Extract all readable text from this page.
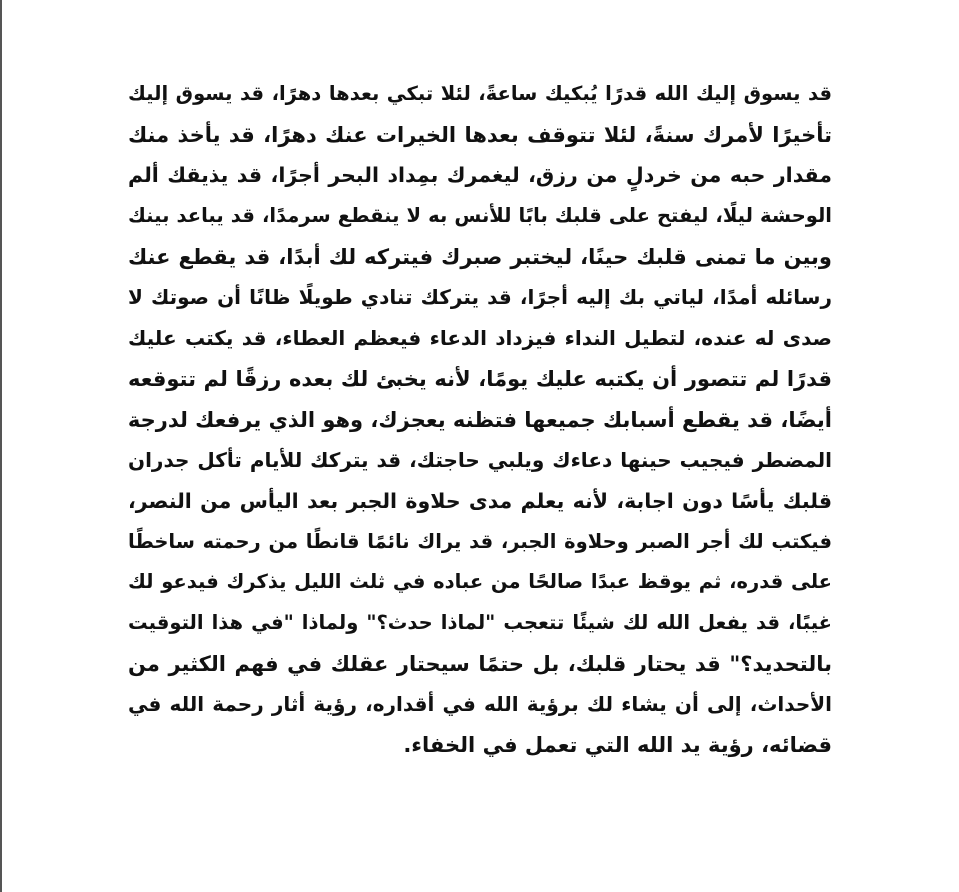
قد يسوق إليك الله قدرًا يُبكيك ساعةً، لئلا تبكي بعدها دهرًا، قد يسوق إليك
تأخيرًا لأمرك سنةً، لئلا تتوقف بعدها الخيرات عنك دهرًا، قد يأخذ منك
مقدار حبه من خردلٍ من رزق، ليغمرك بمِداد البحر أجرًا، قد يذيقك ألم
الوحشة ليلًا، ليفتح على قلبك بابًا للأنس به لا ينقطع سرمدًا، قد يباعد بينك
وبين ما تمنى قلبك حينًا، ليختبر صبرك فيتركه لك أبدًا، قد يقطع عنك
رسائله أمدًا، لياتي بك إليه أجرًا، قد يتركك تنادي طويلًا ظانًا أن صوتك لا
صدى له عنده، لتطيل النداء فيزداد الدعاء فيعظم العطاء، قد يكتب عليك
قدرًا لم تتصور أن يكتبه عليك يومًا، لأنه يخبئ لك بعده رزقًا لم تتوقعه
أيضًا، قد يقطع أسبابك جميعها فتظنه يعجزك، وهو الذي يرفعك لدرجة
المضطر فيجيب حينها دعاءك ويلبي حاجتك، قد يتركك للأيام تأكل جدران
قلبك يأسًا دون اجابة، لأنه يعلم مدى حلاوة الجبر بعد اليأس من النصر،
فيكتب لك أجر الصبر وحلاوة الجبر، قد يراك نائمًا قانطًا من رحمته ساخطًا
على قدره، ثم يوقظ عبدًا صالحًا من عباده في ثلث الليل يذكرك فيدعو لك
غيبًا، قد يفعل الله لك شيئًا تتعجب "لماذا حدث؟" ولماذا "في هذا التوقيت
بالتحديد؟" قد يحتار قلبك، بل حتمًا سيحتار عقلك في فهم الكثير من
الأحداث، إلى أن يشاء لك برؤية الله في أقداره، رؤية أثار رحمة الله في
قضائه، رؤية يد الله التي تعمل في الخفاء.
